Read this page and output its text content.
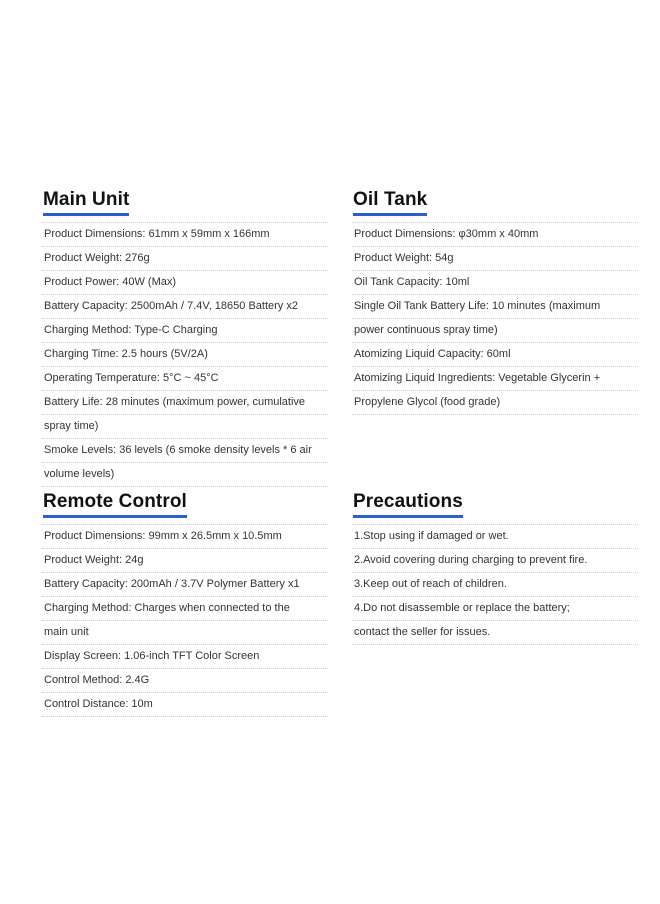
Main Unit
Product Dimensions: 61mm x 59mm x 166mm
Product Weight: 276g
Product Power: 40W (Max)
Battery Capacity: 2500mAh / 7.4V, 18650 Battery x2
Charging Method: Type-C Charging
Charging Time: 2.5 hours (5V/2A)
Operating Temperature: 5°C ~ 45°C
Battery Life: 28 minutes (maximum power, cumulative
spray time)
Smoke Levels: 36 levels (6 smoke density levels * 6 air
volume levels)
Oil Tank
Product Dimensions: φ30mm x 40mm
Product Weight: 54g
Oil Tank Capacity: 10ml
Single Oil Tank Battery Life: 10 minutes (maximum
power continuous spray time)
Atomizing Liquid Capacity: 60ml
Atomizing Liquid Ingredients: Vegetable Glycerin +
Propylene Glycol (food grade)
Remote Control
Product Dimensions: 99mm x 26.5mm x 10.5mm
Product Weight: 24g
Battery Capacity: 200mAh / 3.7V Polymer Battery x1
Charging Method: Charges when connected to the
main unit
Display Screen: 1.06-inch TFT Color Screen
Control Method: 2.4G
Control Distance: 10m
Precautions
1.Stop using if damaged or wet.
2.Avoid covering during charging to prevent fire.
3.Keep out of reach of children.
4.Do not disassemble or replace the battery;
contact the seller for issues.
